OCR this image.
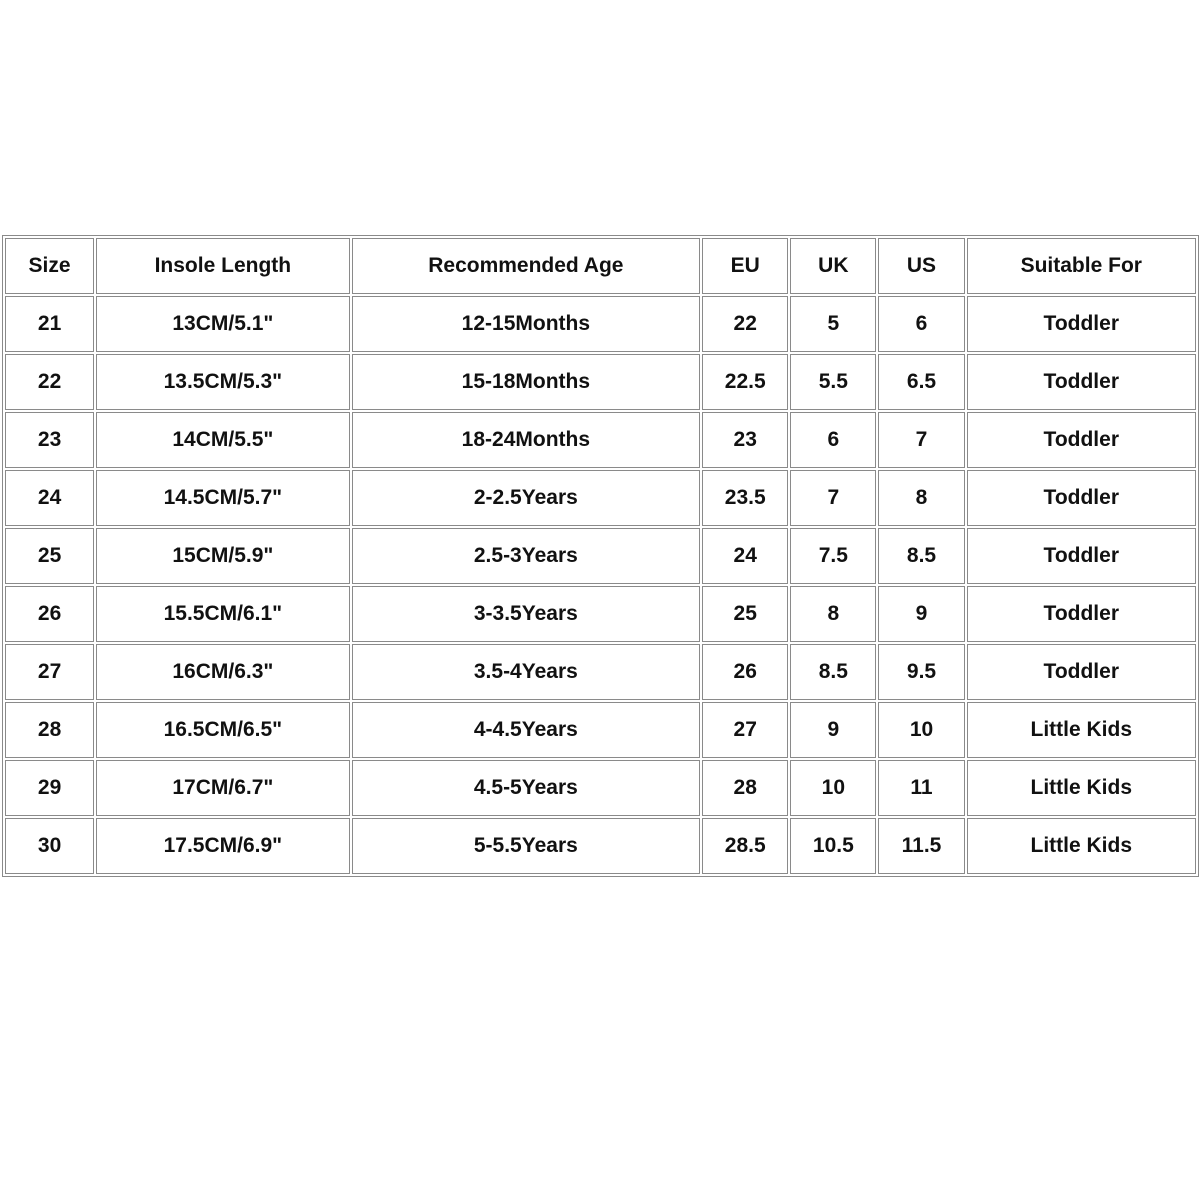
Size	Insole Length	Recommended Age	EU	UK	US	Suitable For
21	13CM/5.1"	12-15Months	22	5	6	Toddler
22	13.5CM/5.3"	15-18Months	22.5	5.5	6.5	Toddler
23	14CM/5.5"	18-24Months	23	6	7	Toddler
24	14.5CM/5.7"	2-2.5Years	23.5	7	8	Toddler
25	15CM/5.9"	2.5-3Years	24	7.5	8.5	Toddler
26	15.5CM/6.1"	3-3.5Years	25	8	9	Toddler
27	16CM/6.3"	3.5-4Years	26	8.5	9.5	Toddler
28	16.5CM/6.5"	4-4.5Years	27	9	10	Little Kids
29	17CM/6.7"	4.5-5Years	28	10	11	Little Kids
30	17.5CM/6.9"	5-5.5Years	28.5	10.5	11.5	Little Kids
